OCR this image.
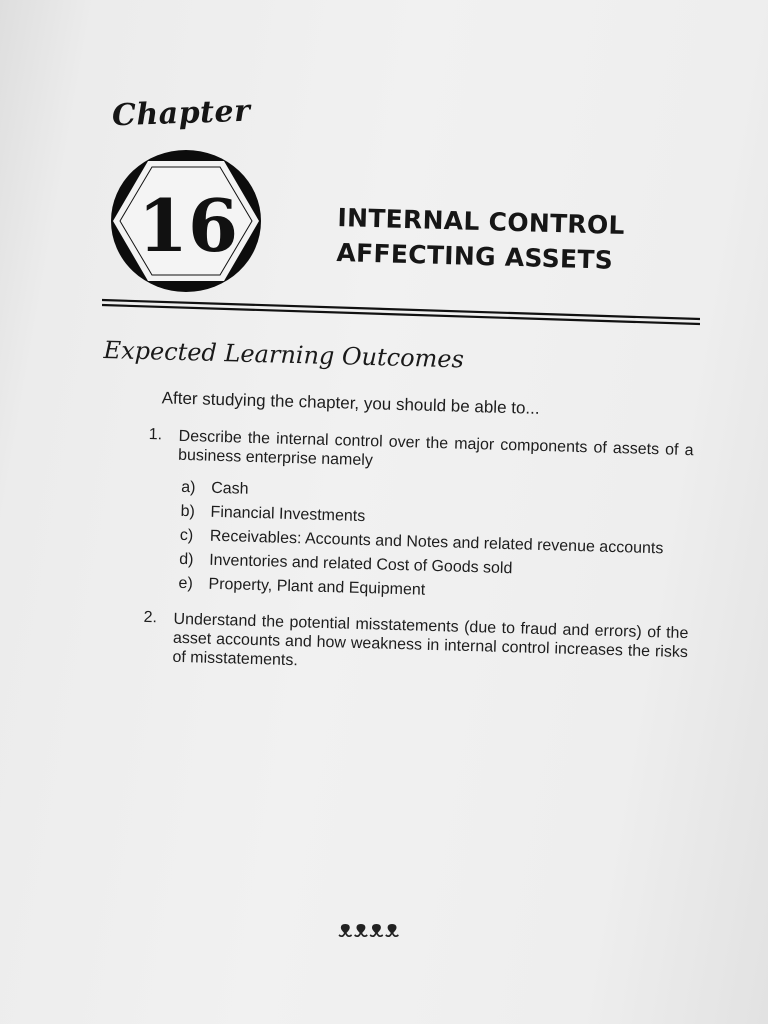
Chapter
16	INTERNAL CONTROL
AFFECTING ASSETS
Expected Learning Outcomes
After studying the chapter, you should be able to...
1.	Describe the internal control over the major components of assets of a business enterprise namely
a) Cash
b) Financial Investments
c)	Receivables: Accounts and Notes and related revenue accounts
d) Inventories and related Cost of Goods sold
e) Property, Plant and Equipment
2.	Understand the potential misstatements (due to fraud and errors) of the asset accounts and how weakness in internal control increases the risks of misstatements.
ᴥᴥᴥᴥ
